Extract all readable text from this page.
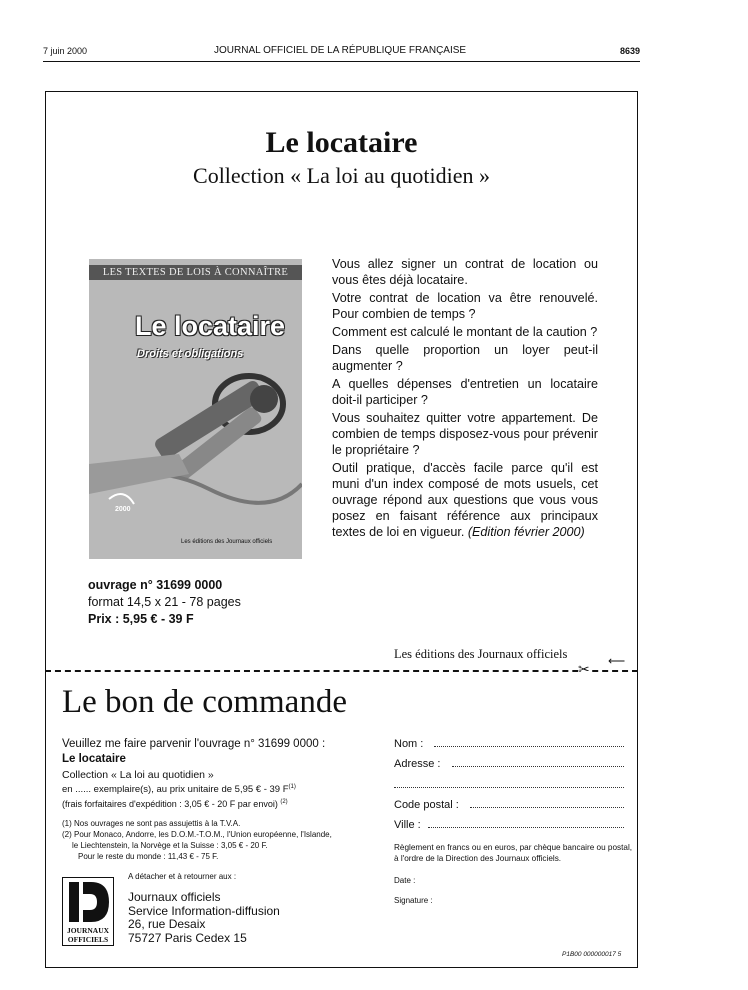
7 juin 2000	JOURNAL OFFICIEL DE LA RÉPUBLIQUE FRANÇAISE	8639
Le locataire
Collection « La loi au quotidien »
LES TEXTES DE LOIS À CONNAÎTRE
Le locataire
Droits et obligations
2000
Les éditions des Journaux officiels

Vous allez signer un contrat de location ou vous êtes déjà locataire.

Votre contrat de location va être renouvelé. Pour combien de temps ?

Comment est calculé le montant de la caution ?

Dans quelle proportion un loyer peut-il augmenter ?

A quelles dépenses d'entretien un locataire doit-il participer ?

Vous souhaitez quitter votre appartement. De combien de temps disposez-vous pour prévenir le propriétaire ?

Outil pratique, d'accès facile parce qu'il est muni d'un index composé de mots usuels, cet ouvrage répond aux questions que vous vous posez en faisant référence aux principaux textes de loi en vigueur. (Edition février 2000)

ouvrage n° 31699 0000
format 14,5 x 21 - 78 pages
Prix : 5,95 € - 39 F
Les éditions des Journaux officiels	⟵
✂
Le bon de commande
Veuillez me faire parvenir l'ouvrage n° 31699 0000 :
Le locataire
Collection « La loi au quotidien »
en ...... exemplaire(s), au prix unitaire de 5,95 € - 39 $F^{(1)}$
(frais forfaitaires d'expédition : 3,05 € - 20 F par envoi) $^{(2)}$
(1) Nos ouvrages ne sont pas assujettis à la T.V.A.
(2) Pour Monaco, Andorre, les D.O.M.-T.O.M., l'Union européenne, l'Islande,
le Liechtenstein, la Norvège et la Suisse : 3,05 € - 20 F.
Pour le reste du monde : 11,43 € - 75 F.
A détacher et à retourner aux :
JOURNAUX
OFFICIELS
Journaux officiels
Service Information-diffusion
26, rue Desaix
75727 Paris Cedex 15
Nom :
Adresse :
Code postal :
Ville :
Règlement en francs ou en euros, par chèque bancaire ou postal, à l'ordre de la Direction des Journaux officiels.
Date :
Signature :
P1B00 000000017 5
